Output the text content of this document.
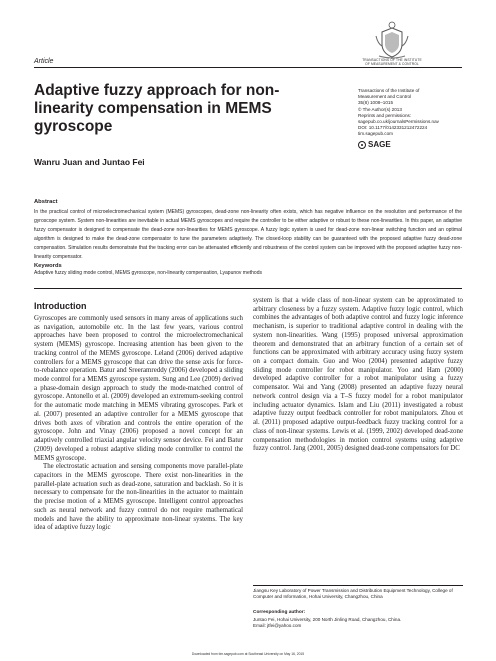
Article	TRANSACTIONS OF THE INSTITUTE OF MEASUREMENT & CONTROL
Adaptive fuzzy approach for non-linearity compensation in MEMS gyroscope
Transactions of the Institute of
Measurement and Control
35(8) 1008–1015
© The Author(s) 2013
Reprints and permissions:
sagepub.co.uk/journalsPermissions.nav
DOI: 10.1177/0142331212472224
tim.sagepub.com
SAGE
Wanru Juan and Juntao Fei
Abstract
In the practical control of microelectromechanical system (MEMS) gyroscopes, dead-zone non-linearity often exists, which has negative influence on the resolution and performance of the gyroscope system. System non-linearities are inevitable in actual MEMS gyroscopes and require the controller to be either adaptive or robust to these non-linearities. In this paper, an adaptive fuzzy compensator is designed to compensate the dead-zone non-linearities for MEMS gyroscope. A fuzzy logic system is used for dead-zone non-linear switching function and an optimal algorithm is designed to make the dead-zone compensator to tune the parameters adaptively. The closed-loop stability can be guaranteed with the proposed adaptive fuzzy dead-zone compensation. Simulation results demonstrate that the tracking error can be attenuated efficiently and robustness of the control system can be improved with the proposed adaptive fuzzy non-linearity compensator.
Keywords
Adaptive fuzzy sliding mode control, MEMS gyroscope, non-linearity compensation, Lyapunov methods
Introduction

Gyroscopes are commonly used sensors in many areas of applications such as navigation, automobile etc. In the last few years, various control approaches have been proposed to control the microelectromechanical system (MEMS) gyroscope. Increasing attention has been given to the tracking control of the MEMS gyroscope. Leland (2006) derived adaptive controllers for a MEMS gyroscope that can drive the sense axis for force-to-rebalance operation. Batur and Sreeramreddy (2006) developed a sliding mode control for a MEMS gyroscope system. Sung and Lee (2009) derived a phase-domain design approach to study the mode-matched control of gyroscope. Antonello et al. (2009) developed an extremum-seeking control for the automatic mode matching in MEMS vibrating gyroscopes. Park et al. (2007) presented an adaptive controller for a MEMS gyroscope that drives both axes of vibration and controls the entire operation of the gyroscope. John and Vinay (2006) proposed a novel concept for an adaptively controlled triaxial angular velocity sensor device. Fei and Batur (2009) developed a robust adaptive sliding mode controller to control the MEMS gyroscope.

The electrostatic actuation and sensing components move parallel-plate capacitors in the MEMS gyroscope. There exist non-linearities in the parallel-plate actuation such as dead-zone, saturation and backlash. So it is necessary to compensate for the non-linearities in the actuator to maintain the precise motion of a MEMS gyroscope. Intelligent control approaches such as neural network and fuzzy control do not require mathematical models and have the ability to approximate non-linear systems. The key idea of adaptive fuzzy logic

system is that a wide class of non-linear system can be approximated to arbitrary closeness by a fuzzy system. Adaptive fuzzy logic control, which combines the advantages of both adaptive control and fuzzy logic inference mechanism, is superior to traditional adaptive control in dealing with the system non-linearities. Wang (1995) proposed universal approximation theorem and demonstrated that an arbitrary function of a certain set of functions can be approximated with arbitrary accuracy using fuzzy system on a compact domain. Guo and Woo (2004) presented adaptive fuzzy sliding mode controller for robot manipulator. Yoo and Ham (2000) developed adaptive controller for a robot manipulator using a fuzzy compensator. Wai and Yang (2008) presented an adaptive fuzzy neural network control design via a T–S fuzzy model for a robot manipulator including actuator dynamics. Islam and Liu (2011) investigated a robust adaptive fuzzy output feedback controller for robot manipulators. Zhou et al. (2011) proposed adaptive output-feedback fuzzy tracking control for a class of non-linear systems. Lewis et al. (1999, 2002) developed dead-zone compensation methodologies in motion control systems using adaptive fuzzy control. Jang (2001, 2005) designed dead-zone compensators for DC

Jiangsu Key Laboratory of Power Transmission and Distribution Equipment Technology, College of Computer and Information, Hohai University, Changzhou, China
Corresponding author:
Juntao Fei, Hohai University, 200 North Jinling Road, Changzhou, China.
Email: jtfei@yahoo.com
Downloaded from tim.sagepub.com at Southeast University on May 16, 2015
